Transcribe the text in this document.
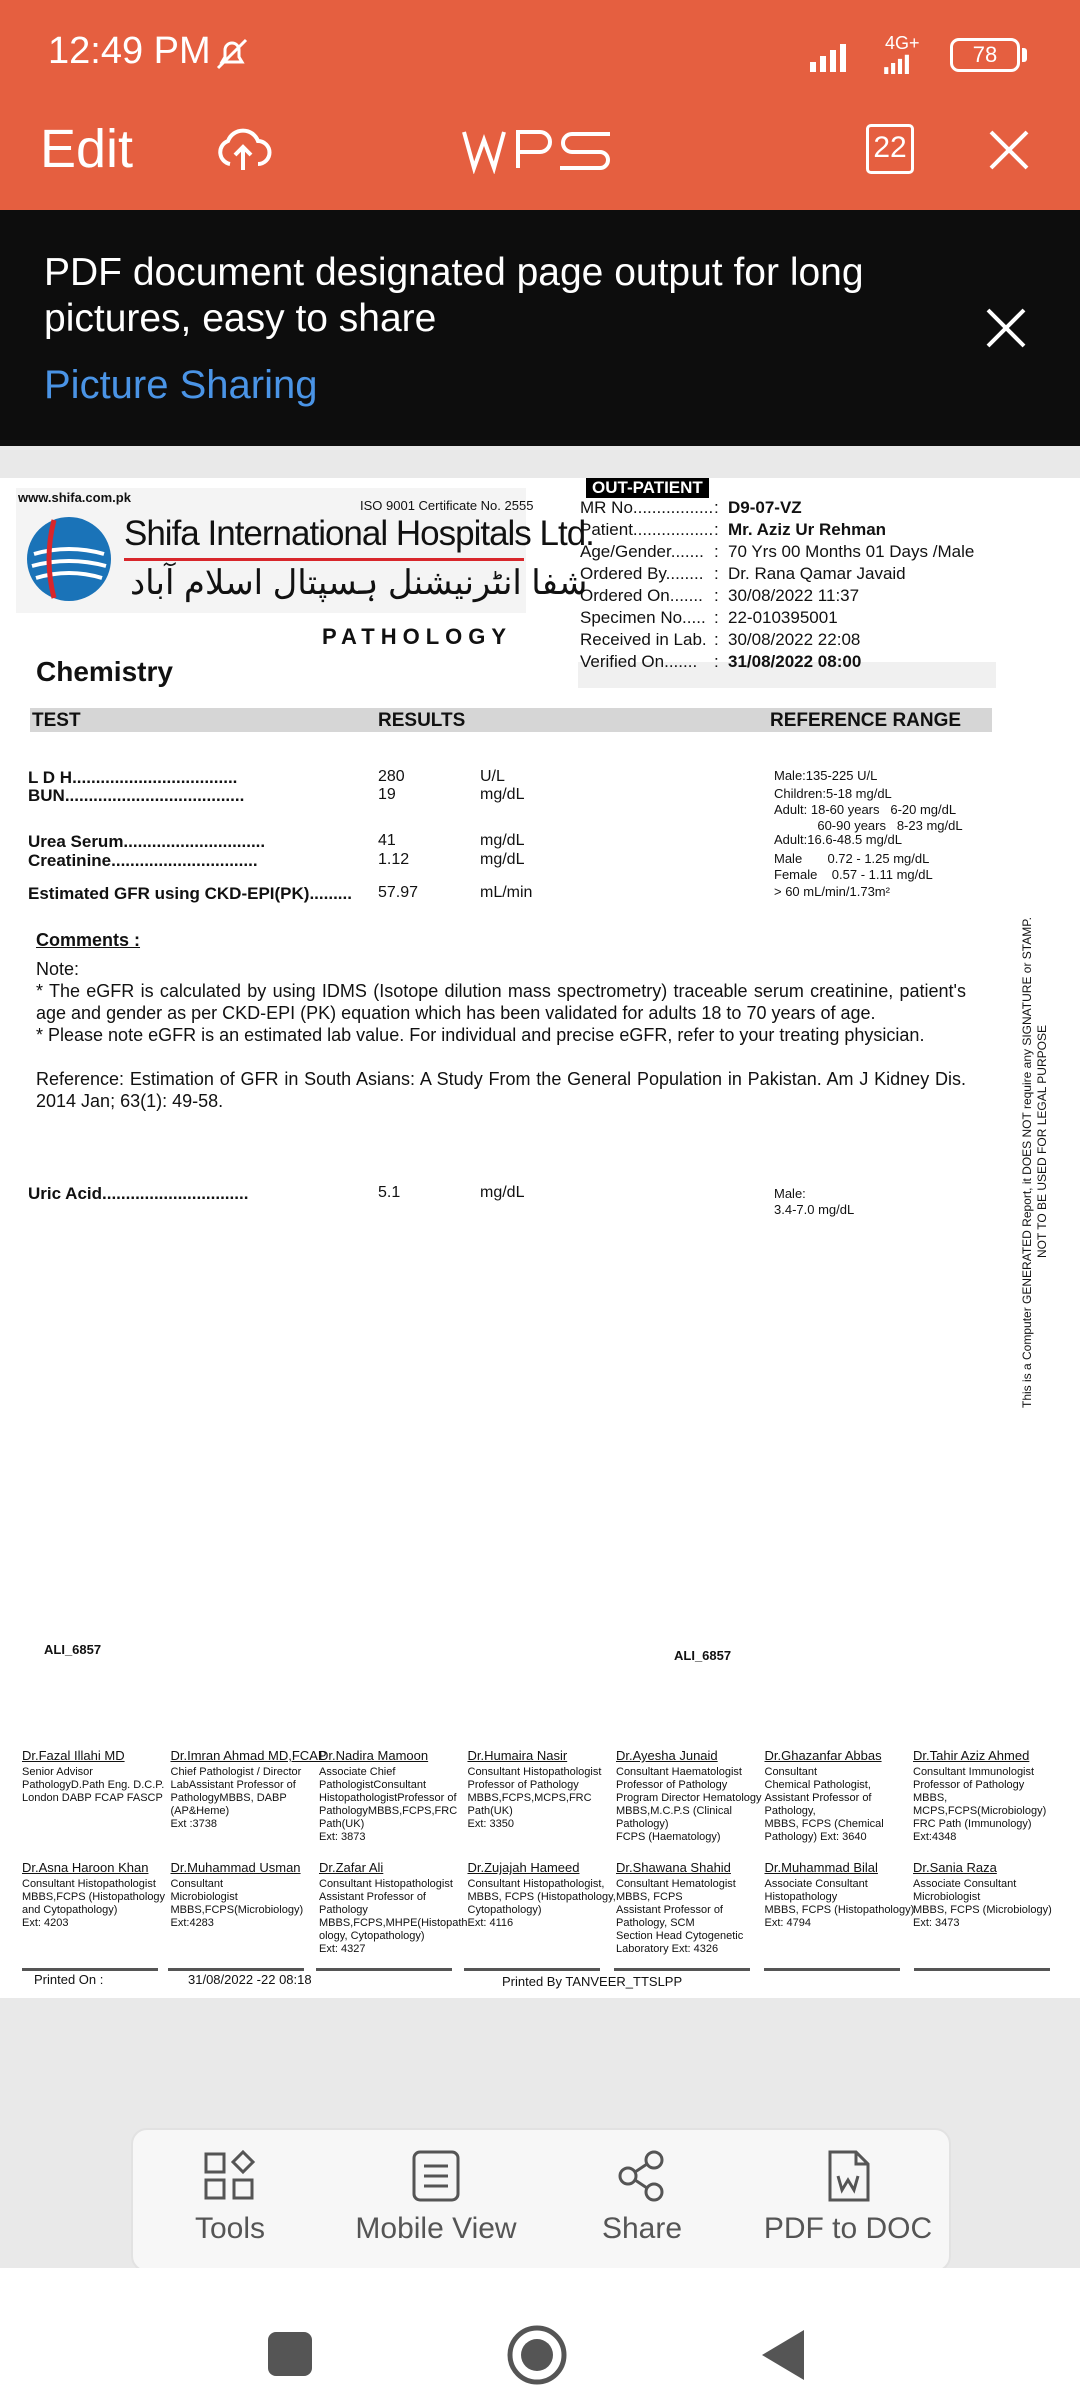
12:49 PM	4G+	78
Edit	22
PDF document designated page output for long pictures, easy to share
Picture Sharing
www.shifa.com.pk
ISO 9001 Certificate No. 2555
Shifa International Hospitals Ltd.
شفا انٹرنیشنل ہسپتال اسلام آباد
PATHOLOGY
Chemistry
OUT-PATIENT
MR No................. : D9-07-VZ
Patient................. : Mr. Aziz Ur Rehman
Age/Gender....... : 70 Yrs 00 Months 01 Days /Male
Ordered By........ : Dr. Rana Qamar Javaid
Ordered On....... : 30/08/2022 11:37
Specimen No..... : 22-010395001
Received in Lab. : 30/08/2022 22:08
Verified On....... : 31/08/2022 08:00
TEST	RESULTS	REFERENCE RANGE
L D H...................................	280	U/L	Male:135-225 U/L
BUN......................................	19	mg/dL	Children:5-18 mg/dL
Adult: 18-60 years   6-20 mg/dL
60-90 years   8-23 mg/dL
Urea Serum..............................	41	mg/dL	Adult:16.6-48.5 mg/dL
Creatinine...............................	1.12	mg/dL	Male       0.72 - 1.25 mg/dL
Female    0.57 - 1.11 mg/dL
Estimated GFR using CKD-EPI(PK)......... 57.97	mL/min	> 60 mL/min/1.73m²
Comments :
Note:
* The eGFR is calculated by using IDMS (Isotope dilution mass spectrometry) traceable serum creatinine, patient's age and gender as per CKD-EPI (PK) equation which has been validated for adults 18 to 70 years of age.
* Please note eGFR is an estimated lab value. For individual and precise eGFR, refer to your treating physician.
Reference: Estimation of GFR in South Asians: A Study From the General Population in Pakistan. Am J Kidney Dis. 2014 Jan; 63(1): 49-58.
Uric Acid...............................	5.1	mg/dL	Male:
3.4-7.0 mg/dL	This is a Computer GENERATED Report, it DOES NOT require any SIGNATURE or STAMP. NOT TO BE USED FOR LEGAL PURPOSE
ALI_6857	ALI_6857
Dr.Fazal Illahi MD
Senior Advisor
PathologyD.Path Eng. D.C.P.
London DABP FCAP FASCP
Dr.Imran Ahmad MD,FCAP
Chief Pathologist / Director
LabAssistant Professor of
PathologyMBBS, DABP
(AP&Heme)
Ext :3738
Dr.Nadira Mamoon
Associate Chief
PathologistConsultant
HistopathologistProfessor of
PathologyMBBS,FCPS,FRC
Path(UK)
Ext: 3873
Dr.Humaira Nasir
Consultant Histopathologist
Professor of Pathology
MBBS,FCPS,MCPS,FRC
Path(UK)
Ext: 3350
Dr.Ayesha Junaid
Consultant Haematologist
Professor of Pathology
Program Director Hematology
MBBS,M.C.P.S (Clinical
Pathology)
FCPS (Haematology)
Dr.Ghazanfar Abbas
Consultant
Chemical Pathologist,
Assistant Professor of
Pathology,
MBBS, FCPS (Chemical
Pathology) Ext: 3640
Dr.Tahir Aziz Ahmed
Consultant Immunologist
Professor of Pathology
MBBS,
MCPS,FCPS(Microbiology)
FRC Path (Immunology)
Ext:4348
Dr.Asna Haroon Khan
Consultant Histopathologist
MBBS,FCPS (Histopathology
and Cytopathology)
Ext: 4203
Dr.Muhammad Usman
Consultant
Microbiologist
MBBS,FCPS(Microbiology)
Ext:4283
Dr.Zafar Ali
Consultant Histopathologist
Assistant Professor of
Pathology
MBBS,FCPS,MHPE(Histopath
ology, Cytopathology)
Ext: 4327
Dr.Zujajah Hameed
Consultant Histopathologist,
MBBS, FCPS (Histopathology,
Cytopathology)
Ext: 4116
Dr.Shawana Shahid
Consultant Hematologist
MBBS, FCPS
Assistant Professor of
Pathology, SCM
Section Head Cytogenetic
Laboratory Ext: 4326
Dr.Muhammad Bilal
Associate Consultant
Histopathology
MBBS, FCPS (Histopathology)
Ext: 4794
Dr.Sania Raza
Associate Consultant
Microbiologist
MBBS, FCPS (Microbiology)
Ext: 3473
Printed On :	31/08/2022 -22 08:18	Printed By TANVEER_TTSLPP
Tools	Mobile View	Share	PDF to DOC
